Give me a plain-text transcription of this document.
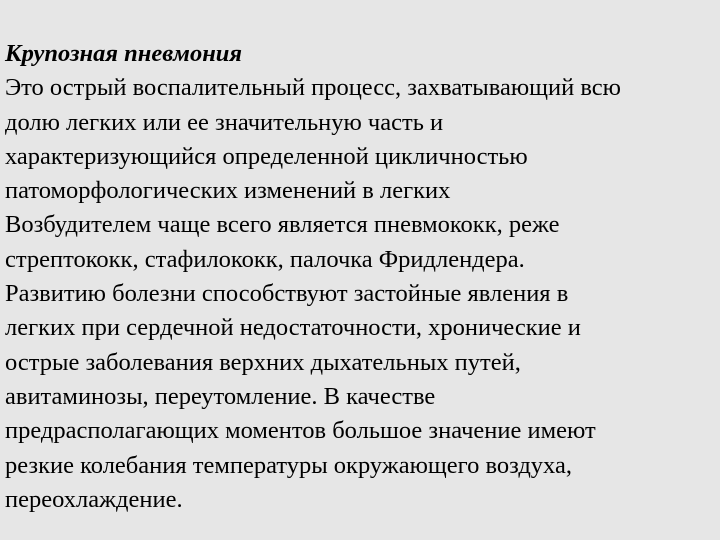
Крупозная пневмония
Это острый воспалительный процесс, захватывающий всю
долю легких или ее значительную часть и
характеризующийся определенной цикличностью
патоморфологических изменений в легких
Возбудителем чаще всего является пневмококк, реже
стрептококк, стафилококк, палочка Фридлендера.
Развитию болезни способствуют застойные явления в
легких при сердечной недостаточности, хронические и
острые заболевания верхних дыхательных путей,
авитаминозы, переутомление. В качестве
предрасполагающих моментов большое значение имеют
резкие колебания температуры окружающего воздуха,
переохлаждение.
